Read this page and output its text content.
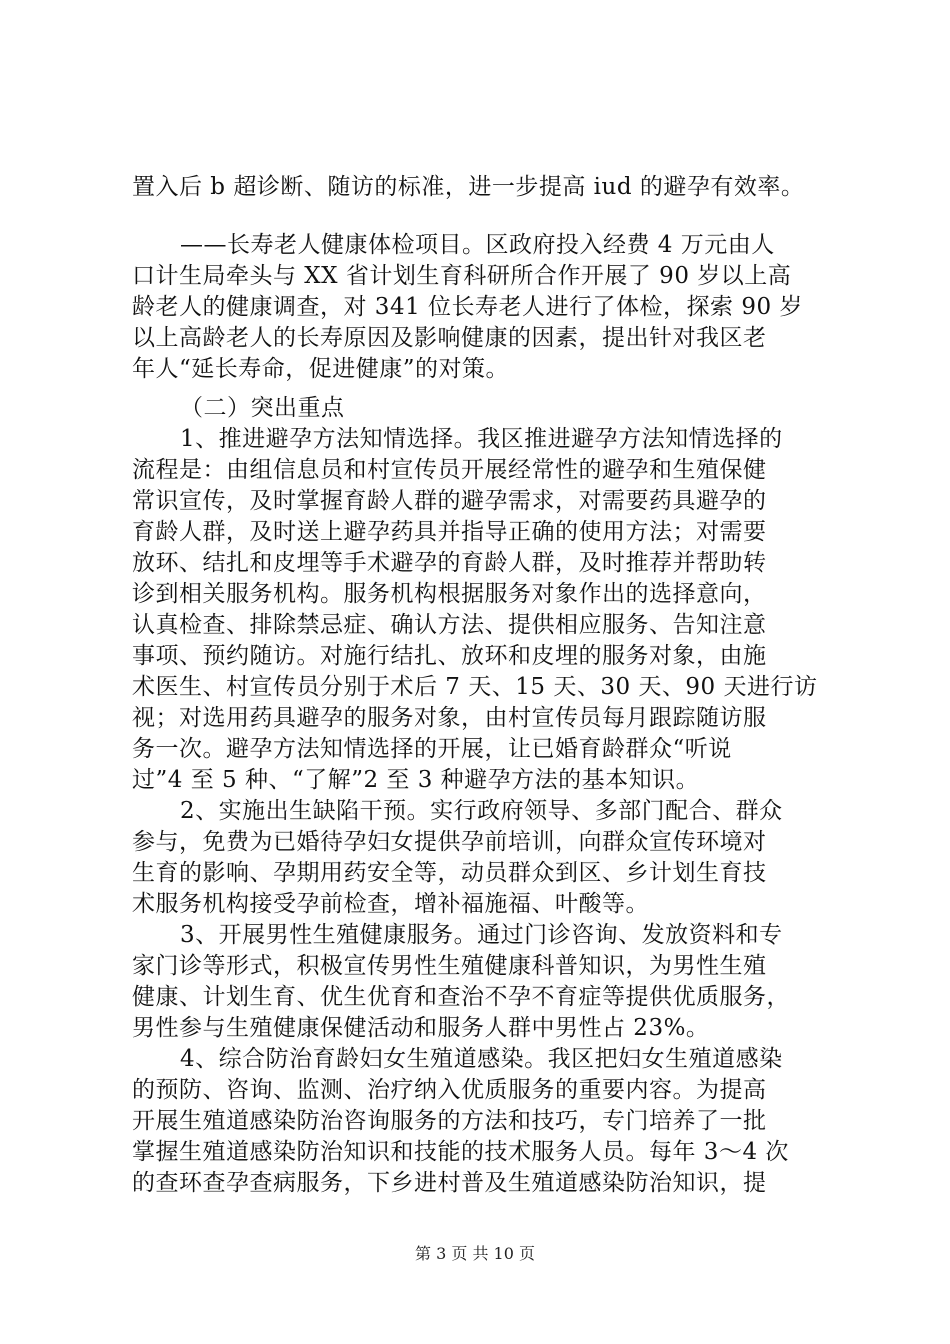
置入后 b 超诊断、随访的标准，进一步提高 iud 的避孕有效率。
——长寿老人健康体检项目。区政府投入经费 4 万元由人
口计生局牵头与 XX 省计划生育科研所合作开展了 90 岁以上高
龄老人的健康调查，对 341 位长寿老人进行了体检，探索 90 岁
以上高龄老人的长寿原因及影响健康的因素，提出针对我区老
年人“延长寿命，促进健康”的对策。
（二）突出重点
1、推进避孕方法知情选择。我区推进避孕方法知情选择的
流程是：由组信息员和村宣传员开展经常性的避孕和生殖保健
常识宣传，及时掌握育龄人群的避孕需求，对需要药具避孕的
育龄人群，及时送上避孕药具并指导正确的使用方法；对需要
放环、结扎和皮埋等手术避孕的育龄人群，及时推荐并帮助转
诊到相关服务机构。服务机构根据服务对象作出的选择意向，
认真检查、排除禁忌症、确认方法、提供相应服务、告知注意
事项、预约随访。对施行结扎、放环和皮埋的服务对象，由施
术医生、村宣传员分别于术后 7 天、15 天、30 天、90 天进行访
视；对选用药具避孕的服务对象，由村宣传员每月跟踪随访服
务一次。避孕方法知情选择的开展，让已婚育龄群众“听说
过”4 至 5 种、“了解”2 至 3 种避孕方法的基本知识。
2、实施出生缺陷干预。实行政府领导、多部门配合、群众
参与，免费为已婚待孕妇女提供孕前培训，向群众宣传环境对
生育的影响、孕期用药安全等，动员群众到区、乡计划生育技
术服务机构接受孕前检查，增补福施福、叶酸等。
3、开展男性生殖健康服务。通过门诊咨询、发放资料和专
家门诊等形式，积极宣传男性生殖健康科普知识，为男性生殖
健康、计划生育、优生优育和查治不孕不育症等提供优质服务，
男性参与生殖健康保健活动和服务人群中男性占 23%。
4、综合防治育龄妇女生殖道感染。我区把妇女生殖道感染
的预防、咨询、监测、治疗纳入优质服务的重要内容。为提高
开展生殖道感染防治咨询服务的方法和技巧，专门培养了一批
掌握生殖道感染防治知识和技能的技术服务人员。每年 3～4 次
的查环查孕查病服务，下乡进村普及生殖道感染防治知识，提
第 3 页 共 10 页
